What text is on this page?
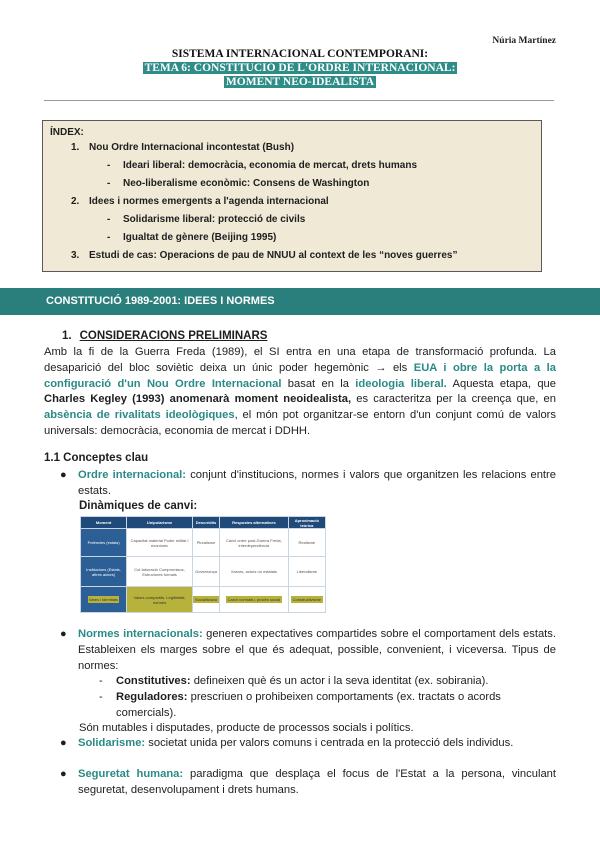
Núria Martínez
SISTEMA INTERNACIONAL CONTEMPORANI:
TEMA 6: CONSTITUCIÓ DE L'ORDRE INTERNACIONAL:
MOMENT NEO-IDEALISTA
ÍNDEX:
1. Nou Ordre Internacional incontestat (Bush)
- Ideari liberal: democràcia, economia de mercat, drets humans
- Neo-liberalisme econòmic: Consens de Washington
2. Idees i normes emergents a l'agenda internacional
- Solidarisme liberal: protecció de civils
- Igualtat de gènere (Beijing 1995)
3. Estudi de cas: Operacions de pau de NNUU al context de les “noves guerres”
CONSTITUCIÓ 1989-2001: IDEES I NORMES
1. CONSIDERACIONS PRELIMINARS
Amb la fi de la Guerra Freda (1989), el SI entra en una etapa de transformació profunda. La desaparició del bloc soviètic deixa un únic poder hegemònic → els EUA i obre la porta a la configuració d'un Nou Ordre Internacional basat en la ideologia liberal. Aquesta etapa, que Charles Kegley (1993) anomenarà moment neoidealista, es caracteritza per la creença que, en absència de rivalitats ideològiques, el món pot organitzar-se entorn d'un conjunt comú de valors universals: democràcia, economia de mercat i DDHH.
1.1 Conceptes clau
● Ordre internacional: conjunt d'institucions, normes i valors que organitzen les relacions entre estats.
Dinàmiques de canvi:
Moment	Unipolarisme	Descrédits	Respostes alternatives	Aproximació teòrica
Potències (estats)	Capacitat material Poder militar i econòmic	Pluralisme	Canvi ordre post-Guerra Freda, interdependència	Realisme
Institucions (Estats, altres actors)	Col·laboració Compromisos, Estructures formals	Governança	Xarxes, actors no estatals	Liberalisme
Idees i identitats	Valors compartits, Legitimitat, normes	Socialització	Canvi normatiu, procés social	Constructivisme
● Normes internacionals: generen expectatives compartides sobre el comportament dels estats. Estableixen els marges sobre el que és adequat, possible, convenient, i viceversa. Tipus de normes:
- Constitutives: defineixen què és un actor i la seva identitat (ex. sobirania).
- Reguladores: prescriuen o prohibeixen comportaments (ex. tractats o acords comercials).
Són mutables i disputades, producte de processos socials i polítics.
● Solidarisme: societat unida per valors comuns i centrada en la protecció dels individus.
● Seguretat humana: paradigma que desplaça el focus de l'Estat a la persona, vinculant seguretat, desenvolupament i drets humans.
